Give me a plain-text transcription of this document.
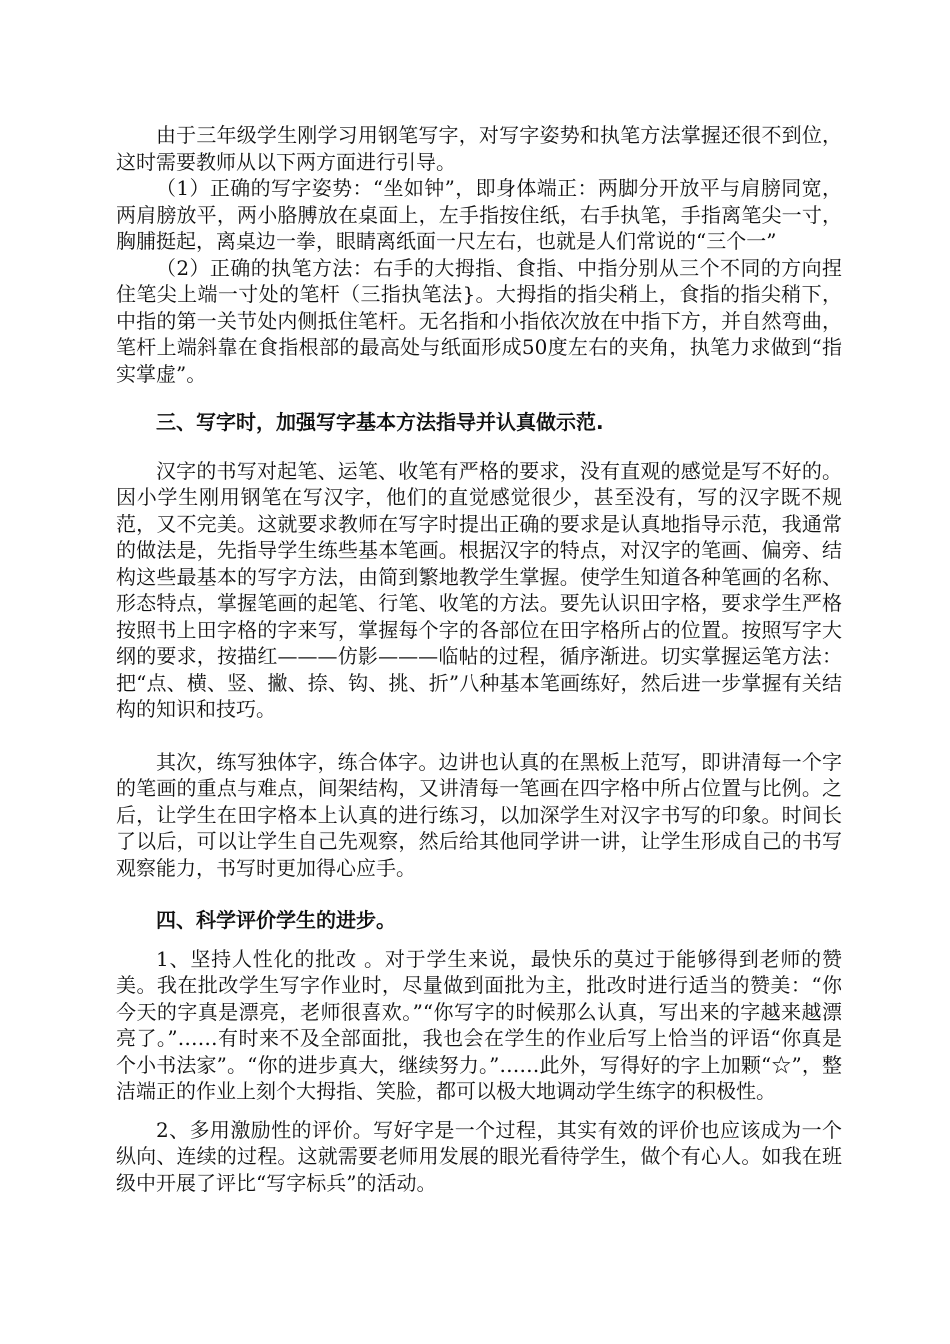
由于三年级学生刚学习用钢笔写字，对写字姿势和执笔方法掌握还很不到位，这时需要教师从以下两方面进行引导。

（1）正确的写字姿势：“坐如钟”，即身体端正：两脚分开放平与肩膀同宽，两肩膀放平，两小胳膊放在桌面上，左手指按住纸，右手执笔，手指离笔尖一寸，胸脯挺起，离桌边一拳，眼睛离纸面一尺左右，也就是人们常说的“三个一”

（2）正确的执笔方法：右手的大拇指、食指、中指分别从三个不同的方向捏住笔尖上端一寸处的笔杆（三指执笔法}。大拇指的指尖稍上，食指的指尖稍下，中指的第一关节处内侧抵住笔杆。无名指和小指依次放在中指下方，并自然弯曲，笔杆上端斜靠在食指根部的最高处与纸面形成50度左右的夹角，执笔力求做到“指实掌虚”。

三、写字时，加强写字基本方法指导并认真做示范.

汉字的书写对起笔、运笔、收笔有严格的要求，没有直观的感觉是写不好的。因小学生刚用钢笔在写汉字，他们的直觉感觉很少，甚至没有，写的汉字既不规范，又不完美。这就要求教师在写字时提出正确的要求是认真地指导示范，我通常的做法是，先指导学生练些基本笔画。根据汉字的特点，对汉字的笔画、偏旁、结构这些最基本的写字方法，由简到繁地教学生掌握。使学生知道各种笔画的名称、形态特点，掌握笔画的起笔、行笔、收笔的方法。要先认识田字格，要求学生严格按照书上田字格的字来写，掌握每个字的各部位在田字格所占的位置。按照写字大纲的要求，按描红———仿影———临帖的过程，循序渐进。切实掌握运笔方法：把“点、横、竖、撇、捺、钩、挑、折”八种基本笔画练好，然后进一步掌握有关结构的知识和技巧。

其次，练写独体字，练合体字。边讲也认真的在黑板上范写，即讲清每一个字的笔画的重点与难点，间架结构，又讲清每一笔画在四字格中所占位置与比例。之后，让学生在田字格本上认真的进行练习，以加深学生对汉字书写的印象。时间长了以后，可以让学生自己先观察，然后给其他同学讲一讲，让学生形成自己的书写观察能力，书写时更加得心应手。

四、科学评价学生的进步。

1、坚持人性化的批改 。对于学生来说，最快乐的莫过于能够得到老师的赞美。我在批改学生写字作业时，尽量做到面批为主，批改时进行适当的赞美：“你今天的字真是漂亮，老师很喜欢。”“你写字的时候那么认真，写出来的字越来越漂亮了。”……有时来不及全部面批，我也会在学生的作业后写上恰当的评语“你真是个小书法家”。“你的进步真大，继续努力。”……此外，写得好的字上加颗“☆”，整洁端正的作业上刻个大拇指、笑脸，都可以极大地调动学生练字的积极性。

2、多用激励性的评价。写好字是一个过程，其实有效的评价也应该成为一个纵向、连续的过程。这就需要老师用发展的眼光看待学生，做个有心人。如我在班级中开展了评比“写字标兵”的活动。
